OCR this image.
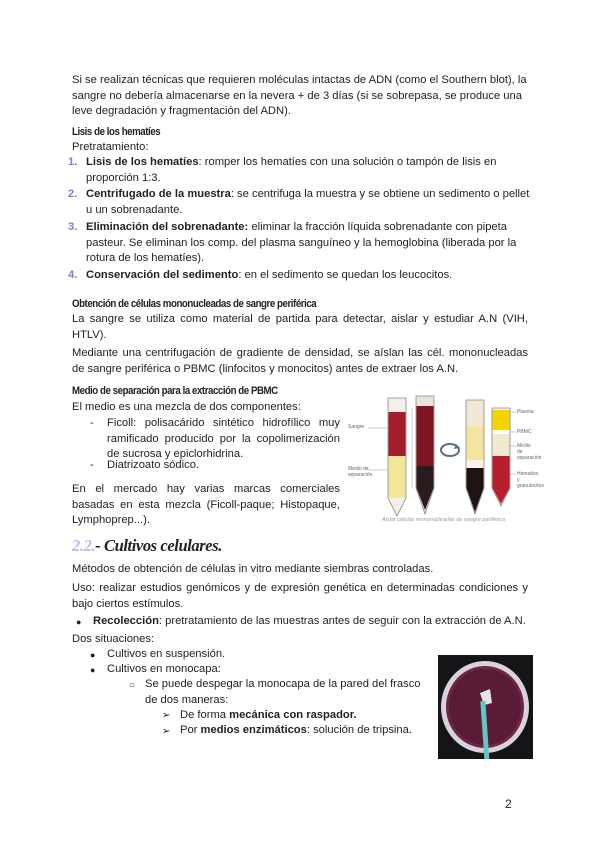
Si se realizan técnicas que requieren moléculas intactas de ADN (como el Southern blot), la sangre no debería almacenarse en la nevera + de 3 días (si se sobrepasa, se produce una leve degradación y fragmentación del ADN).

Lisis de los hematíes
Pretratamiento:
1. Lisis de los hematíes: romper los hematíes con una solución o tampón de lisis en proporción 1:3.
2. Centrifugado de la muestra: se centrifuga la muestra y se obtiene un sedimento o pellet u un sobrenadante.
3. Eliminación del sobrenadante: eliminar la fracción líquida sobrenadante con pipeta pasteur. Se eliminan los comp. del plasma sanguíneo y la hemoglobina (liberada por la rotura de los hematíes).
4. Conservación del sedimento: en el sedimento se quedan los leucocitos.
Obtención de células mononucleadas de sangre periférica

La sangre se utiliza como material de partida para detectar, aislar y estudiar A.N (VIH, HTLV).

Mediante una centrifugación de gradiente de densidad, se aíslan las cél. mononucleadas de sangre periférica o PBMC (linfocitos y monocitos) antes de extraer los A.N.

Medio de separación para la extracción de PBMC
El medio es una mezcla de dos componentes:
- Ficoll: polisacárido sintético hidrofílico muy ramificado producido por la copolimerización de sucrosa y epiclorhidrina.

- Diatrizoato sódico.

En el mercado hay varias marcas comerciales basadas en esta mezcla (Ficoll-paque; Histopaque, Lymphoprep...).

Sangre
Medio de separación
Plasma
PBMC
Medio de separación
Hematíes y granulocitos
Aislar células mononucleadas de sangre periférica
2.2.- Cultivos celulares.

Métodos de obtención de células in vitro mediante siembras controladas.

Uso: realizar estudios genómicos y de expresión genética en determinadas condiciones y bajo ciertos estímulos.

● Recolección: pretratamiento de las muestras antes de seguir con la extracción de A.N.
Dos situaciones:
● Cultivos en suspensión.
● Cultivos en monocapa:
○ Se puede despegar la monocapa de la pared del frasco de dos maneras:

➢ De forma mecánica con raspador.
➢ Por medios enzimáticos: solución de tripsina.
2
